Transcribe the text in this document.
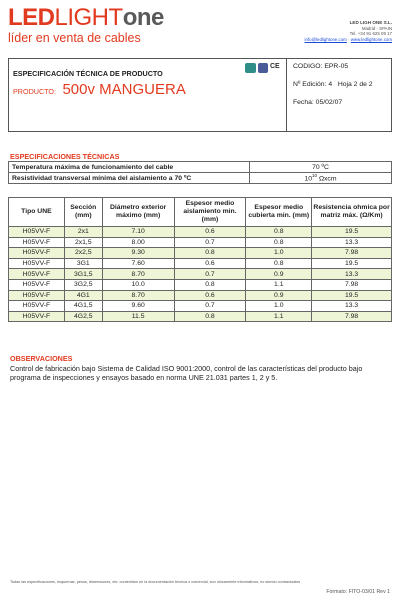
LEDLIGHTone
líder en venta de cables
LED LIGH ONE S.L.
Madrid · SPAIN
Tel. +34 91 625 09 17
info@ledlightone.com · www.ledlightone.com
ESPECIFICACIÓN TÉCNICA DE PRODUCTO
PRODUCTO: 500v MANGUERA
CE CODIGO: EPR-05
Nº Edición: 4 Hoja 2 de 2
Fecha: 05/02/07
ESPECIFICACIONES TÉCNICAS
Temperatura máxima de funcionamiento del cable	70 ºC
Resistividad transversal mínima del aislamiento a 70 ºC	$10^{10}$ Ωxcm
Tipo UNE	Sección (mm)	Diámetro exterior máximo (mm)	Espesor medio aislamiento min. (mm)	Espesor medio cubierta min. (mm)	Resistencia ohmica por matriz máx. (Ω/Km)
H05VV-F	2x1	7.10	0.6	0.8	19.5
H05VV-F	2x1,5	8.00	0.7	0.8	13.3
H05VV-F	2x2,5	9.30	0.8	1.0	7.98
H05VV-F	3G1	7.60	0.6	0.8	19.5
H05VV-F	3G1,5	8.70	0.7	0.9	13.3
H05VV-F	3G2,5	10.0	0.8	1.1	7.98
H05VV-F	4G1	8.70	0.6	0.9	19.5
H05VV-F	4G1,5	9.60	0.7	1.0	13.3
H05VV-F	4G2,5	11.5	0.8	1.1	7.98
OBSERVACIONES
Control de fabricación bajo Sistema de Calidad ISO 9001:2000, control de las características del producto bajo programa de inspecciones y ensayos basado en norma UNE 21.031 partes 1, 2 y 5.
Todas las especificaciones, esquemas, pesos, dimensiones, etc. contenidos en la documentación técnica o comercial, son únicamente informativos, no siendo contractuales
Formato: FITO-03/01 Rev 1
